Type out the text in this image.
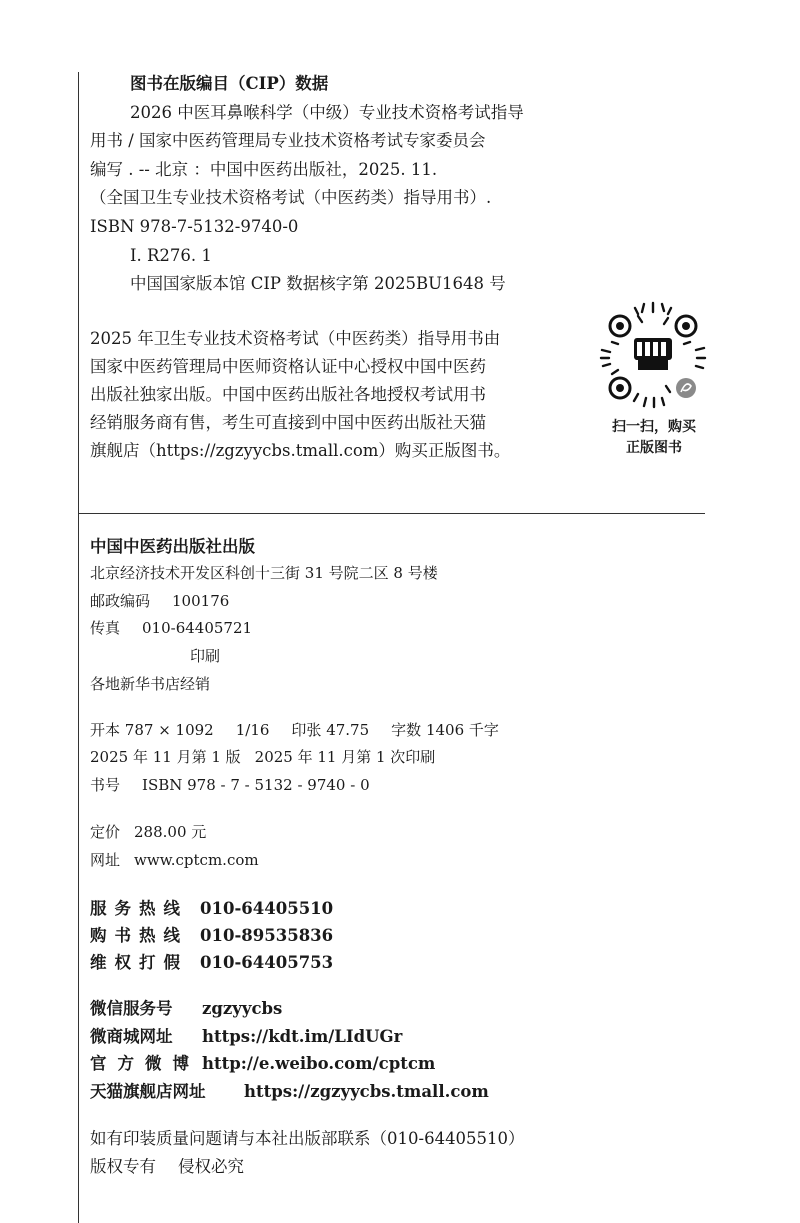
图书在版编目（CIP）数据

2026 中医耳鼻喉科学（中级）专业技术资格考试指导

用书 / 国家中医药管理局专业技术资格考试专家委员会

编写 . -- 北京 ：中国中医药出版社，2025. 11.

（全国卫生专业技术资格考试（中医药类）指导用书）.

ISBN 978-7-5132-9740-0

Ⅰ. R276. 1

中国国家版本馆 CIP 数据核字第 2025BU1648 号

2025 年卫生专业技术资格考试（中医药类）指导用书由

国家中医药管理局中医师资格认证中心授权中国中医药

出版社独家出版。中国中医药出版社各地授权考试用书

经销服务商有售，考生可直接到中国中医药出版社天猫

旗舰店（https://zgzyycbs.tmall.com）购买正版图书。

扫一扫，购买
正版图书
中国中医药出版社出版
北京经济技术开发区科创十三街 31 号院二区 8 号楼
邮政编码 100176
传真 010-64405721
印刷
各地新华书店经销
开本 787 × 1092 1/16 印张 47.75 字数 1406 千字
2025 年 11 月第 1 版 2025 年 11 月第 1 次印刷
书号 ISBN 978 - 7 - 5132 - 9740 - 0
定价 288.00 元
网址 www.cptcm.com
服务热线 010-64405510
购书热线 010-89535836
维权打假 010-64405753
微信服务号 zgzyycbs
微商城网址 https://kdt.im/LIdUGr
官方微博 http://e.weibo.com/cptcm
天猫旗舰店网址 https://zgzyycbs.tmall.com
如有印装质量问题请与本社出版部联系（010-64405510）
版权专有 侵权必究
